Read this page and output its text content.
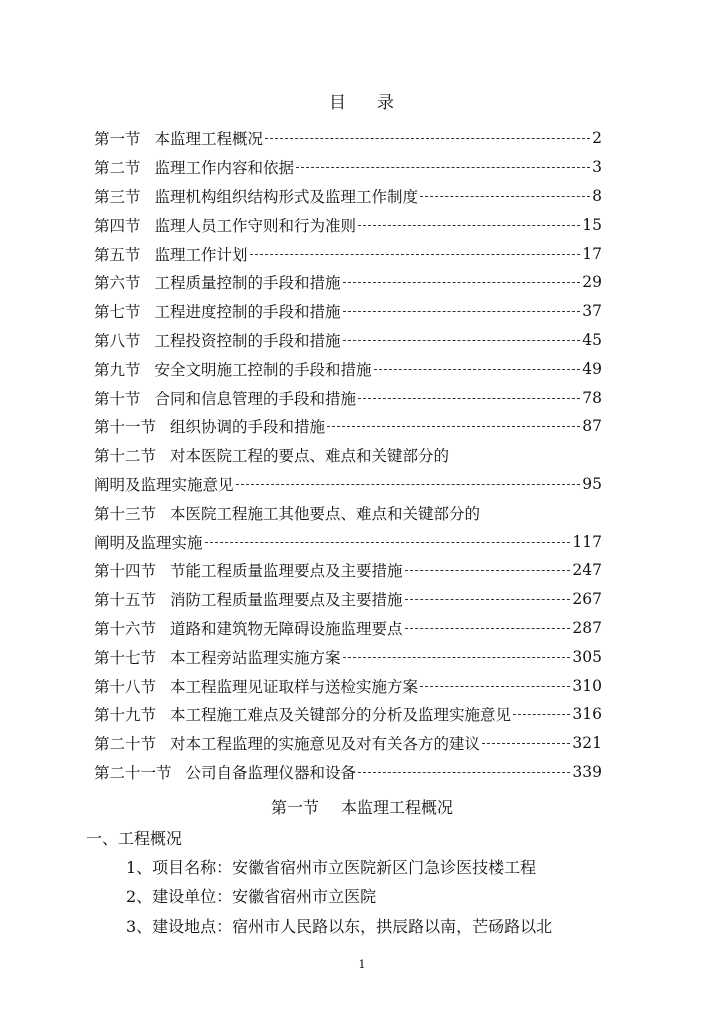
目 录
第一节 本监理工程概况	2
第二节 监理工作内容和依据	3
第三节 监理机构组织结构形式及监理工作制度	8
第四节 监理人员工作守则和行为准则	15
第五节 监理工作计划	17
第六节 工程质量控制的手段和措施	29
第七节 工程进度控制的手段和措施	37
第八节 工程投资控制的手段和措施	45
第九节 安全文明施工控制的手段和措施	49
第十节 合同和信息管理的手段和措施	78
第十一节 组织协调的手段和措施	87
第十二节 对本医院工程的要点、难点和关键部分的
阐明及监理实施意见	95
第十三节 本医院工程施工其他要点、难点和关键部分的
阐明及监理实施	117
第十四节 节能工程质量监理要点及主要措施	247
第十五节 消防工程质量监理要点及主要措施	267
第十六节 道路和建筑物无障碍设施监理要点	287
第十七节 本工程旁站监理实施方案	305
第十八节 本工程监理见证取样与送检实施方案	310
第十九节 本工程施工难点及关键部分的分析及监理实施意见	316
第二十节 对本工程监理的实施意见及对有关各方的建议	321
第二十一节 公司自备监理仪器和设备	339
第一节 本监理工程概况
一、工程概况
1、项目名称：安徽省宿州市立医院新区门急诊医技楼工程
2、建设单位：安徽省宿州市立医院
3、建设地点：宿州市人民路以东，拱辰路以南，芒砀路以北
1
